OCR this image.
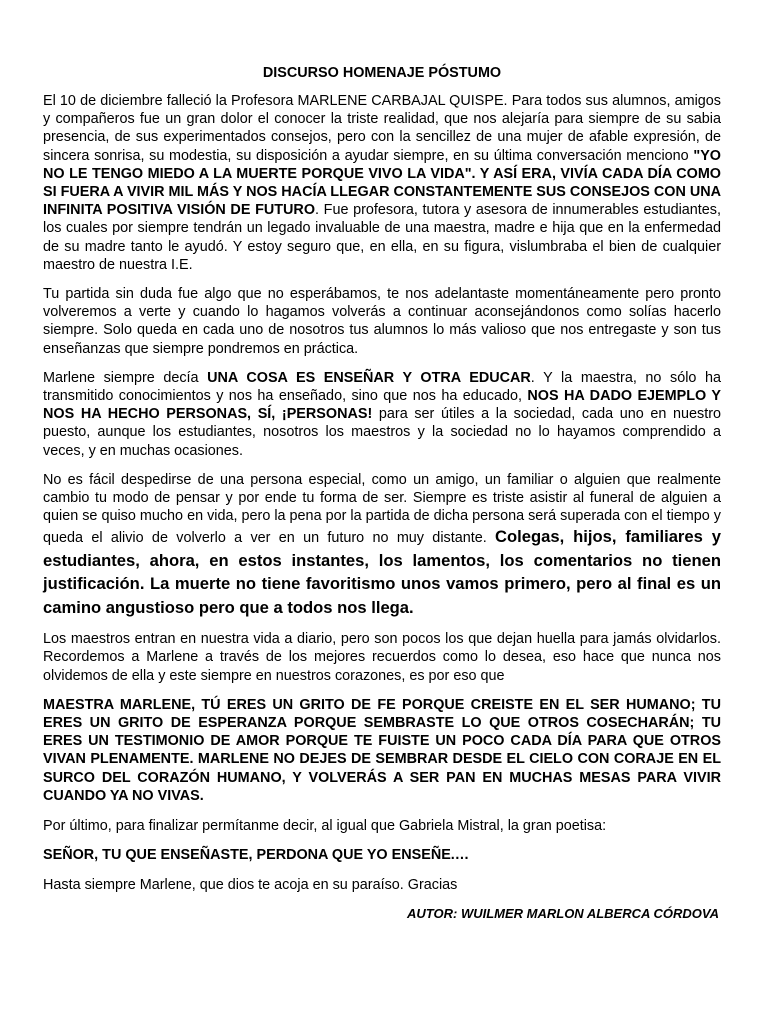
DISCURSO HOMENAJE PÓSTUMO

El 10 de diciembre falleció la Profesora MARLENE CARBAJAL QUISPE. Para todos sus alumnos, amigos y compañeros fue un gran dolor el conocer la triste realidad, que nos alejaría para siempre de su sabia presencia, de sus experimentados consejos, pero con la sencillez de una mujer de afable expresión, de sincera sonrisa, su modestia, su disposición a ayudar siempre, en su última conversación menciono "YO NO LE TENGO MIEDO A LA MUERTE PORQUE VIVO LA VIDA". Y ASÍ ERA, VIVÍA CADA DÍA COMO SI FUERA A VIVIR MIL MÁS Y NOS HACÍA LLEGAR CONSTANTEMENTE SUS CONSEJOS CON UNA INFINITA POSITIVA VISIÓN DE FUTURO. Fue profesora, tutora y asesora de innumerables estudiantes, los cuales por siempre tendrán un legado invaluable de una maestra, madre e hija que en la enfermedad de su madre tanto le ayudó. Y estoy seguro que, en ella, en su figura, vislumbraba el bien de cualquier maestro de nuestra I.E.

Tu partida sin duda fue algo que no esperábamos, te nos adelantaste momentáneamente pero pronto volveremos a verte y cuando lo hagamos volverás a continuar aconsejándonos como solías hacerlo siempre. Solo queda en cada uno de nosotros tus alumnos lo más valioso que nos entregaste y son tus enseñanzas que siempre pondremos en práctica.

Marlene siempre decía UNA COSA ES ENSEÑAR Y OTRA EDUCAR. Y la maestra, no sólo ha transmitido conocimientos y nos ha enseñado, sino que nos ha educado, NOS HA DADO EJEMPLO Y NOS HA HECHO PERSONAS, SÍ, ¡PERSONAS! para ser útiles a la sociedad, cada uno en nuestro puesto, aunque los estudiantes, nosotros los maestros y la sociedad no lo hayamos comprendido a veces, y en muchas ocasiones.

No es fácil despedirse de una persona especial, como un amigo, un familiar o alguien que realmente cambio tu modo de pensar y por ende tu forma de ser. Siempre es triste asistir al funeral de alguien a quien se quiso mucho en vida, pero la pena por la partida de dicha persona será superada con el tiempo y queda el alivio de volverlo a ver en un futuro no muy distante. Colegas, hijos, familiares y estudiantes, ahora, en estos instantes, los lamentos, los comentarios no tienen justificación. La muerte no tiene favoritismo unos vamos primero, pero al final es un camino angustioso pero que a todos nos llega.

Los maestros entran en nuestra vida a diario, pero son pocos los que dejan huella para jamás olvidarlos. Recordemos a Marlene a través de los mejores recuerdos como lo desea, eso hace que nunca nos olvidemos de ella y este siempre en nuestros corazones, es por eso que

MAESTRA MARLENE, TÚ ERES UN GRITO DE FE PORQUE CREISTE EN EL SER HUMANO; TU ERES UN GRITO DE ESPERANZA PORQUE SEMBRASTE LO QUE OTROS COSECHARÁN; TU ERES UN TESTIMONIO DE AMOR PORQUE TE FUISTE UN POCO CADA DÍA PARA QUE OTROS VIVAN PLENAMENTE. MARLENE NO DEJES DE SEMBRAR DESDE EL CIELO CON CORAJE EN EL SURCO DEL CORAZÓN HUMANO, Y VOLVERÁS A SER PAN EN MUCHAS MESAS PARA VIVIR CUANDO YA NO VIVAS.

Por último, para finalizar permítanme decir, al igual que Gabriela Mistral, la gran poetisa:

SEÑOR, TU QUE ENSEÑASTE, PERDONA QUE YO ENSEÑE.…

Hasta siempre Marlene, que dios te acoja en su paraíso. Gracias

AUTOR: WUILMER MARLON ALBERCA CÓRDOVA
